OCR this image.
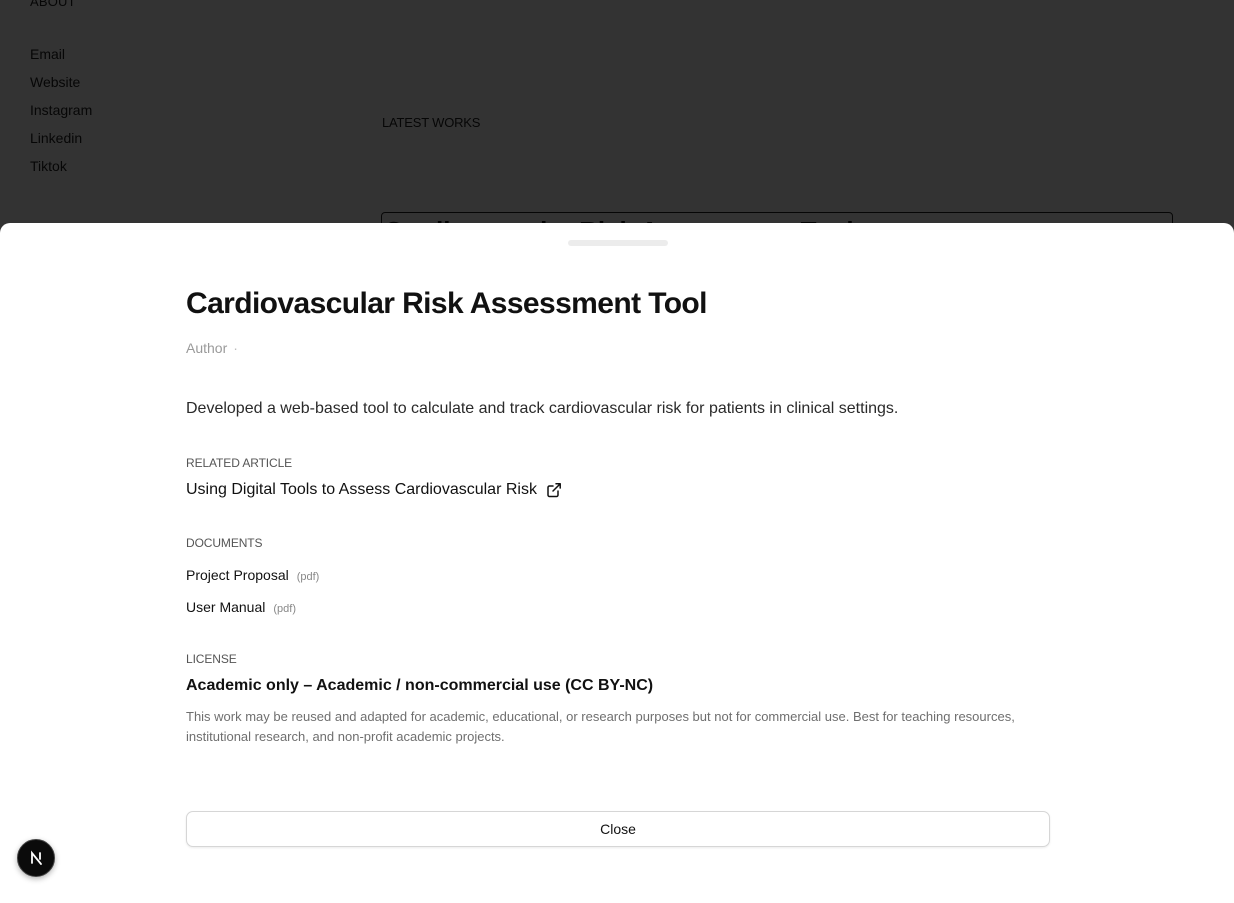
Cardiovascular Risk Assessment Tool
Author ·
Developed a web-based tool to calculate and track cardiovascular risk for patients in clinical settings.
RELATED ARTICLE
Using Digital Tools to Assess Cardiovascular Risk
DOCUMENTS
Project Proposal (pdf)
User Manual (pdf)
LICENSE
Academic only – Academic / non-commercial use (CC BY-NC)
This work may be reused and adapted for academic, educational, or research purposes but not for commercial use. Best for teaching resources, institutional research, and non-profit academic projects.
Close
